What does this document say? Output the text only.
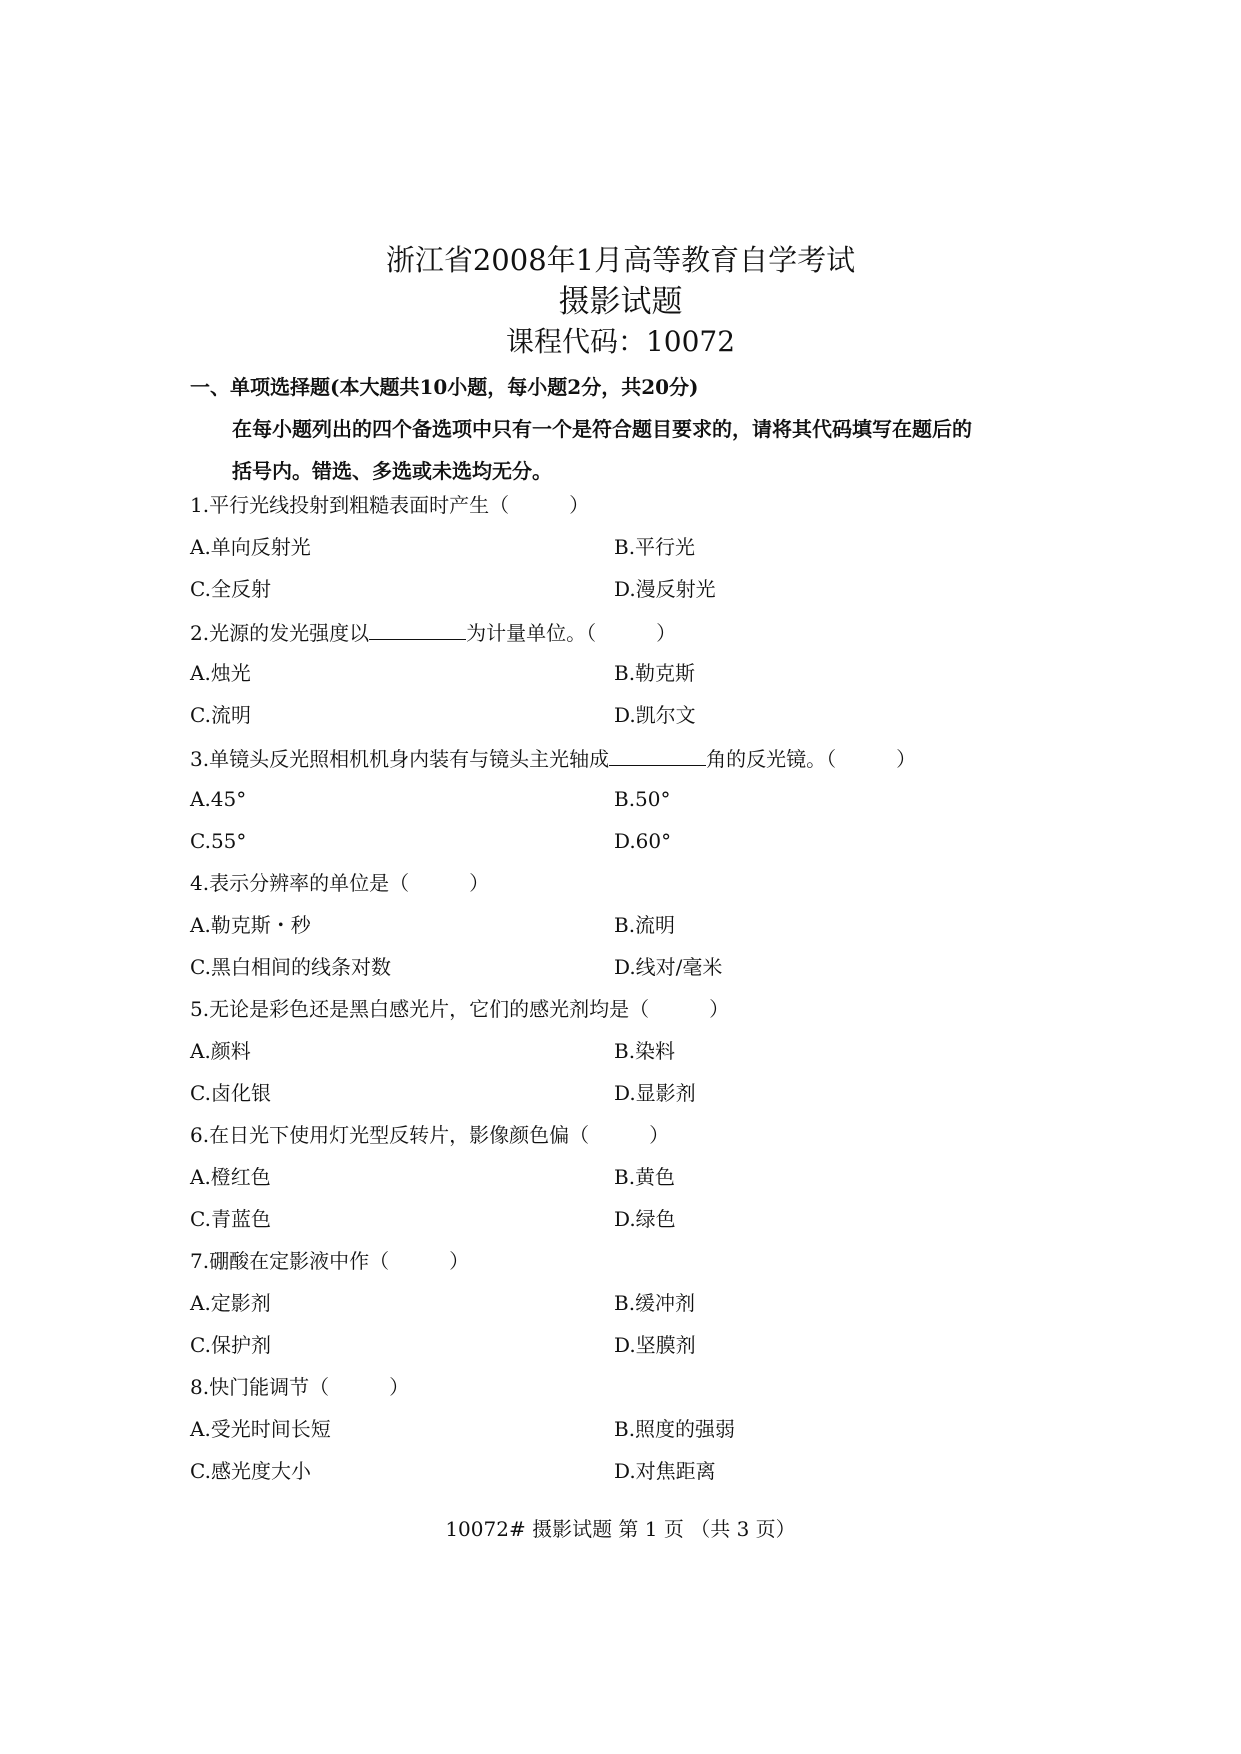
浙江省2008年1月高等教育自学考试
摄影试题
课程代码：10072
一、单项选择题(本大题共10小题，每小题2分，共20分)
在每小题列出的四个备选项中只有一个是符合题目要求的，请将其代码填写在题后的
括号内。错选、多选或未选均无分。
1.平行光线投射到粗糙表面时产生（	）
A.单向反射光	B.平行光
C.全反射	D.漫反射光
2.光源的发光强度以	为计量单位。（	）
A.烛光	B.勒克斯
C.流明	D.凯尔文
3.单镜头反光照相机机身内装有与镜头主光轴成	角的反光镜。（	）
A.45°	B.50°
C.55°	D.60°
4.表示分辨率的单位是（	）
A.勒克斯・秒	B.流明
C.黑白相间的线条对数	D.线对/毫米
5.无论是彩色还是黑白感光片，它们的感光剂均是（	）
A.颜料	B.染料
C.卤化银	D.显影剂
6.在日光下使用灯光型反转片，影像颜色偏（	）
A.橙红色	B.黄色
C.青蓝色	D.绿色
7.硼酸在定影液中作（	）
A.定影剂	B.缓冲剂
C.保护剂	D.坚膜剂
8.快门能调节（	）
A.受光时间长短	B.照度的强弱
C.感光度大小	D.对焦距离
10072# 摄影试题 第 1 页 （共 3 页）
